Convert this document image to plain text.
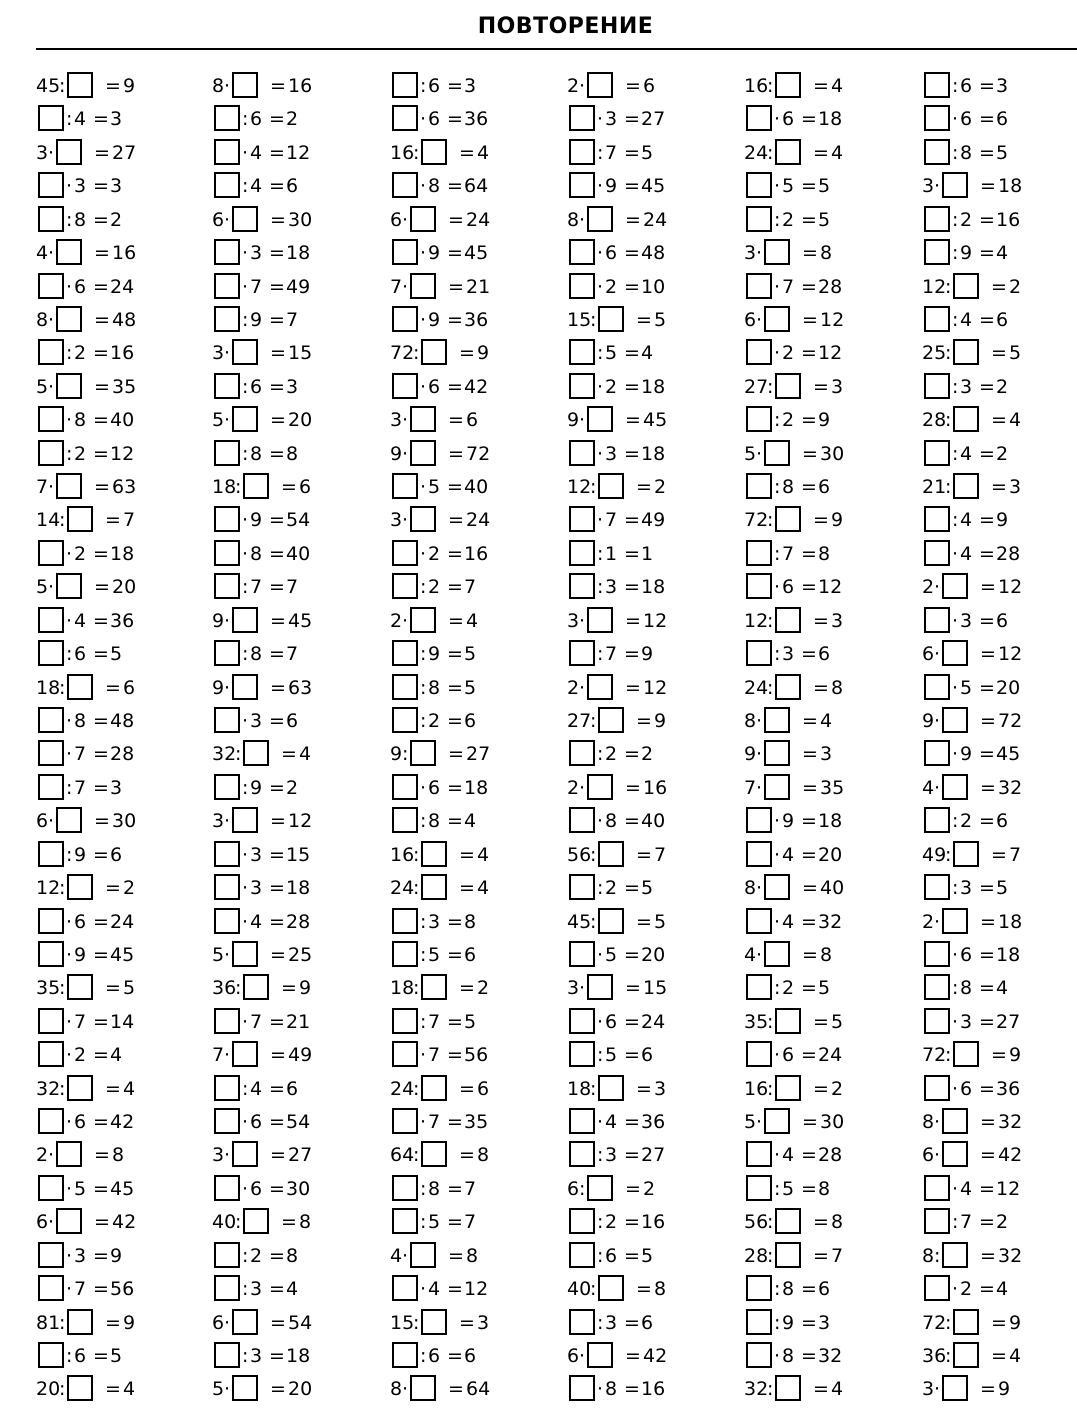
ПОВТОРЕНИЕ
45
: = 9
: 4 = 3
3 · = 27
· 3 = 3
: 8 = 2
4 · = 16
· 6 = 24
8 · = 48
: 2 = 16
5 · = 35
· 8 = 40
: 2 = 12
7 · = 63
14
: = 7
· 2 = 18
5 · = 20
· 4 = 36
: 6 = 5
18
: = 6
· 8 = 48
· 7 = 28
: 7 = 3
6 · = 30
: 9 = 6
12
: = 2
· 6 = 24
· 9 = 45
35
: = 5
· 7 = 14
· 2 = 4
32
: = 4
· 6 = 42
2 · = 8
· 5 = 45
6 · = 42
· 3 = 9
· 7 = 56
81
: = 9
: 6 = 5
20
: = 4
8 · = 16
: 6 = 2
· 4 = 12
: 4 = 6
6 · = 30
· 3 = 18
· 7 = 49
: 9 = 7
3 · = 15
: 6 = 3
5 · = 20
: 8 = 8
18
: = 6
· 9 = 54
· 8 = 40
: 7 = 7
9 · = 45
: 8 = 7
9 · = 63
· 3 = 6
32
: = 4
: 9 = 2
3 · = 12
· 3 = 15
· 3 = 18
· 4 = 28
5 · = 25
36
: = 9
· 7 = 21
7 · = 49
: 4 = 6
· 6 = 54
3 · = 27
· 6 = 30
40
: = 8
: 2 = 8
: 3 = 4
6 · = 54
: 3 = 18
5 · = 20
: 6 = 3
· 6 = 36
16
: = 4
· 8 = 64
6 · = 24
· 9 = 45
7 · = 21
· 9 = 36
72
: = 9
· 6 = 42
3 · = 6
9 · = 72
· 5 = 40
3 · = 24
· 2 = 16
: 2 = 7
2 · = 4
: 9 = 5
: 8 = 5
: 2 = 6
9 : = 27
· 6 = 18
: 8 = 4
16
: = 4
24
: = 4
: 3 = 8
: 5 = 6
18
: = 2
: 7 = 5
· 7 = 56
24
: = 6
· 7 = 35
64
: = 8
: 8 = 7
: 5 = 7
4 · = 8
· 4 = 12
15
: = 3
: 6 = 6
8 · = 64
2 · = 6
· 3 = 27
: 7 = 5
· 9 = 45
8 · = 24
· 6 = 48
· 2 = 10
15
: = 5
: 5 = 4
· 2 = 18
9 · = 45
· 3 = 18
12
: = 2
· 7 = 49
: 1 = 1
: 3 = 18
3 · = 12
: 7 = 9
2 · = 12
27
: = 9
: 2 = 2
2 · = 16
· 8 = 40
56
: = 7
: 2 = 5
45
: = 5
· 5 = 20
3 · = 15
· 6 = 24
: 5 = 6
18
: = 3
· 4 = 36
: 3 = 27
6 : = 2
: 2 = 16
: 6 = 5
40
: = 8
: 3 = 6
6 · = 42
· 8 = 16
16
: = 4
· 6 = 18
24
: = 4
· 5 = 5
: 2 = 5
3 · = 8
· 7 = 28
6 · = 12
· 2 = 12
27
: = 3
: 2 = 9
5 · = 30
: 8 = 6
72
: = 9
: 7 = 8
· 6 = 12
12
: = 3
: 3 = 6
24
: = 8
8 · = 4
9 · = 3
7 · = 35
· 9 = 18
· 4 = 20
8 · = 40
· 4 = 32
4 · = 8
: 2 = 5
35
: = 5
· 6 = 24
16
: = 2
5 · = 30
· 4 = 28
: 5 = 8
56
: = 8
28
: = 7
: 8 = 6
: 9 = 3
· 8 = 32
32
: = 4
: 6 = 3
· 6 = 6
: 8 = 5
3 · = 18
: 2 = 16
: 9 = 4
12
: = 2
: 4 = 6
25
: = 5
: 3 = 2
28
: = 4
: 4 = 2
21
: = 3
: 4 = 9
· 4 = 28
2 · = 12
· 3 = 6
6 · = 12
· 5 = 20
9 · = 72
· 9 = 45
4 · = 32
: 2 = 6
49
: = 7
: 3 = 5
2 · = 18
· 6 = 18
: 8 = 4
· 3 = 27
72
: = 9
· 6 = 36
8 · = 32
6 · = 42
· 4 = 12
: 7 = 2
8 : = 32
· 2 = 4
72
: = 9
36
: = 4
3 · = 9
